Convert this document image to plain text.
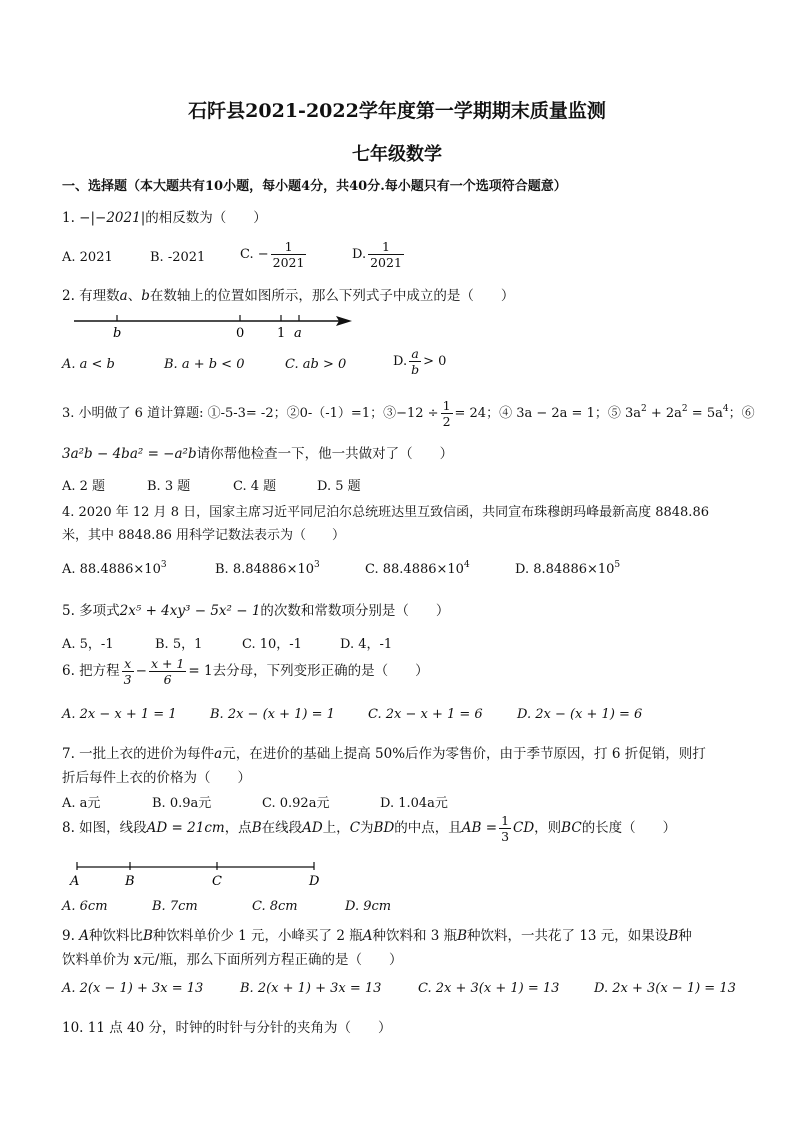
石阡县2021-2022学年度第一学期期末质量监测
七年级数学
一、选择题（本大题共有10小题，每小题4分，共40分.每小题只有一个选项符合题意）
1. −|−2021|的相反数为（　　）
A. 2021	B. -2021	C. − $\frac{1}{2021}$	D. $\frac{1}{2021}$
2. 有理数a、b在数轴上的位置如图所示，那么下列式子中成立的是（　　）
b	0	1 a
A. a < b	B. a + b < 0	C. ab > 0	D. $\frac{a}{b} > 0$
3. 小明做了 6 道计算题: ①-5-3= -2；②0-（-1）=1；③−12 ÷ $\frac{1}{2} = 24$；④ 3a − 2a = 1；⑤ $3a^2 + 2a^2 = 5a^4$；⑥
3a²b − 4ba² = −a²b请你帮他检查一下，他一共做对了（　　）
A. 2 题	B. 3 题	C. 4 题	D. 5 题
4. 2020 年 12 月 8 日，国家主席习近平同尼泊尔总统班达里互致信函，共同宣布珠穆朗玛峰最新高度 8848.86
米，其中 8848.86 用科学记数法表示为（　　）
A. $88.4886\times 10^3$	B. $8.84886\times 10^3$	C. $88.4886\times 10^4$	D. $8.84886\times 10^5$
5. 多项式2x⁵ + 4xy³ − 5x² − 1的次数和常数项分别是（　　）
A. 5，-1	B. 5，1	C. 10，-1	D. 4，-1
6. 把方程 $\frac{x}{3} - \frac{x + 1}{6} = 1$去分母，下列变形正确的是（　　）
A. 2x − x + 1 = 1	B. 2x − (x + 1) = 1	C. 2x − x + 1 = 6	D. 2x − (x + 1) = 6
7. 一批上衣的进价为每件a元，在进价的基础上提高 50%后作为零售价，由于季节原因，打 6 折促销，则打
折后每件上衣的价格为（　　）
A. a元	B. 0.9a元	C. 0.92a元	D. 1.04a元
8. 如图，线段AD = 21cm，点B在线段AD上，C为BD的中点，且AB = $\frac{1}{3}$ CD，则BC的长度（　　）
A	B	C	D
A. 6cm	B. 7cm	C. 8cm	D. 9cm
9. A种饮料比B种饮料单价少 1 元，小峰买了 2 瓶A种饮料和 3 瓶B种饮料，一共花了 13 元，如果设B种
饮料单价为 x元/瓶，那么下面所列方程正确的是（　　）
A. 2(x − 1) + 3x = 13	B. 2(x + 1) + 3x = 13	C. 2x + 3(x + 1) = 13	D. 2x + 3(x − 1) = 13
10. 11 点 40 分，时钟的时针与分针的夹角为（　　）
